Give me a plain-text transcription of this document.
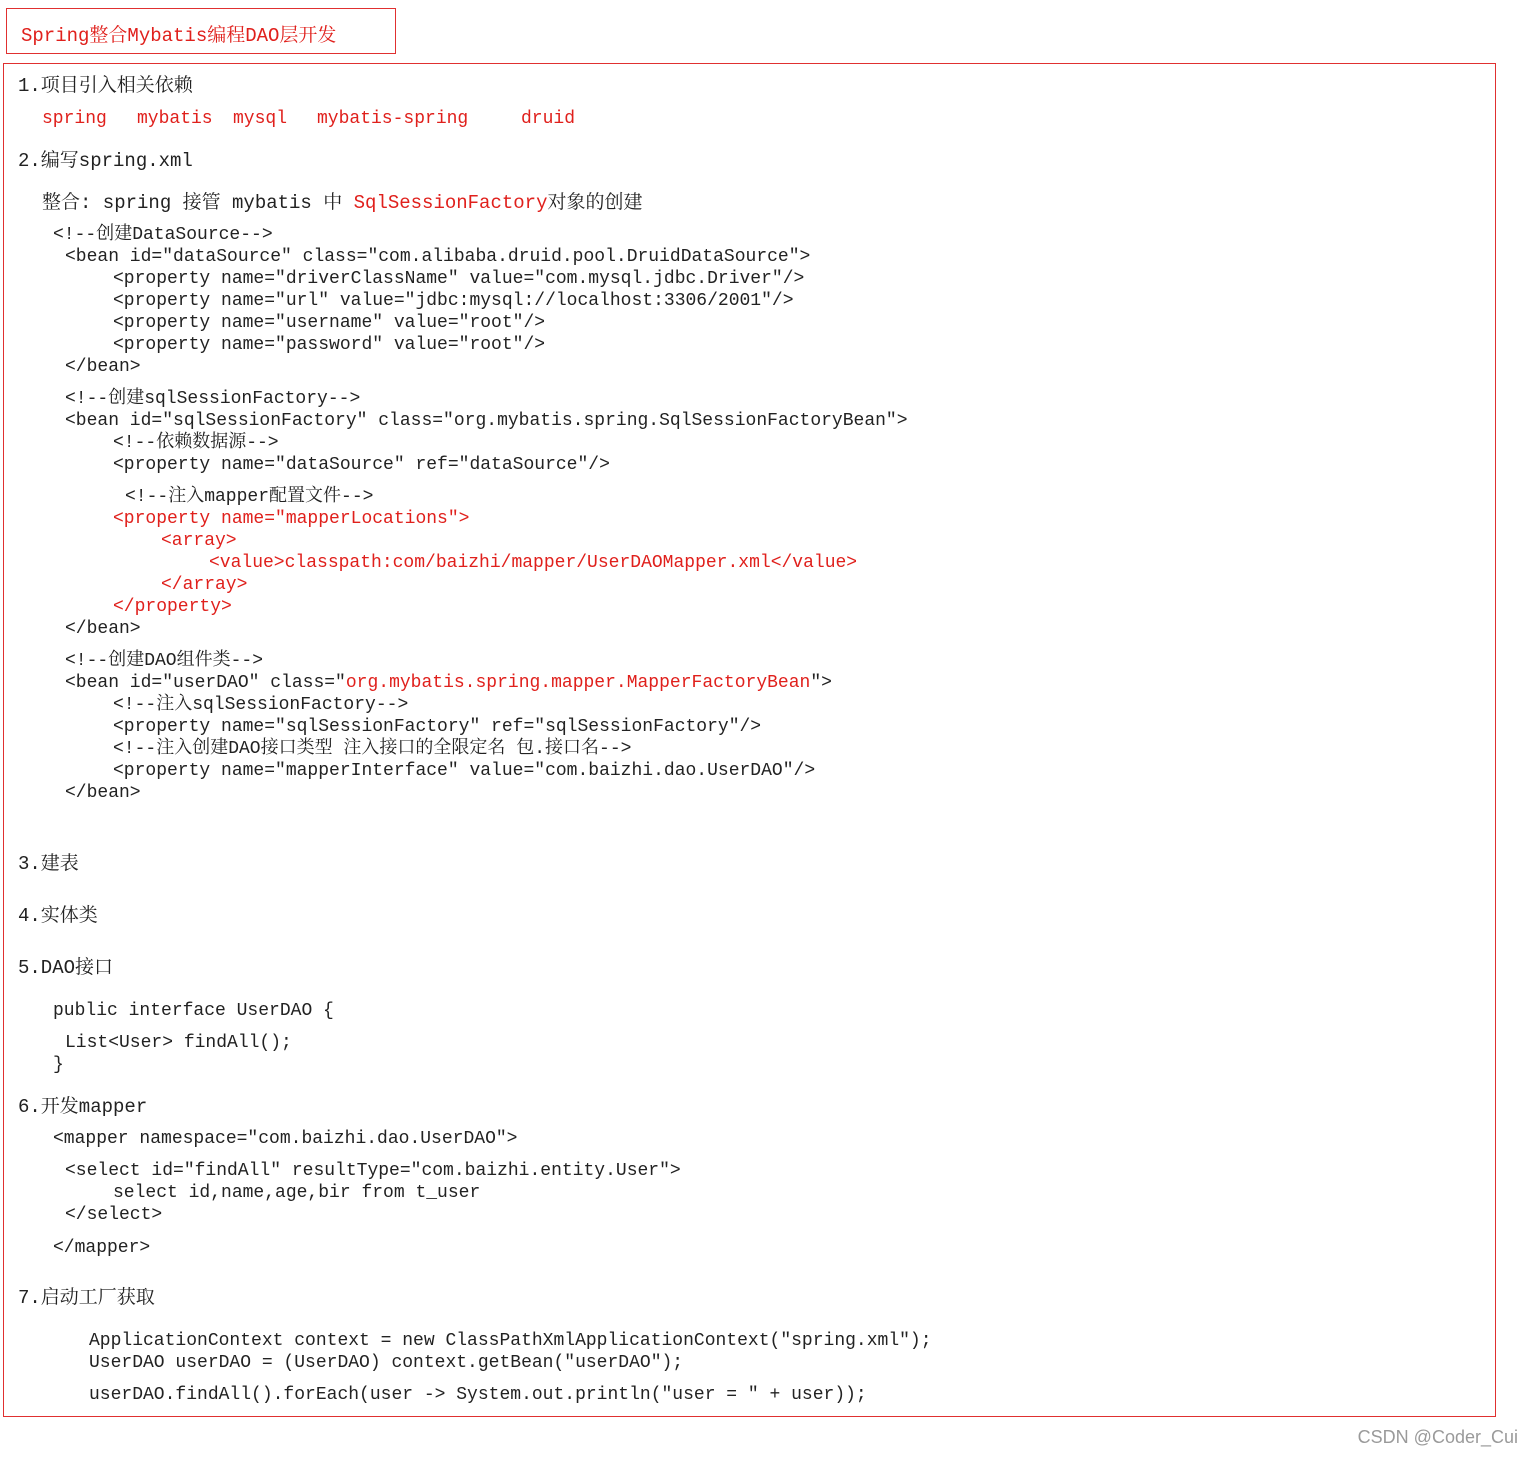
Spring整合Mybatis编程DAO层开发
1.项目引入相关依赖
spring mybatis mysql mybatis-spring	druid
2.编写spring.xml
整合: spring 接管 mybatis 中 SqlSessionFactory对象的创建
<!--创建DataSource-->
<bean id="dataSource" class="com.alibaba.druid.pool.DruidDataSource">
<property name="driverClassName" value="com.mysql.jdbc.Driver"/>
<property name="url" value="jdbc:mysql://localhost:3306/2001"/>
<property name="username" value="root"/>
<property name="password" value="root"/>
</bean>
<!--创建sqlSessionFactory-->
<bean id="sqlSessionFactory" class="org.mybatis.spring.SqlSessionFactoryBean">
<!--依赖数据源-->
<property name="dataSource" ref="dataSource"/>
<!--注入mapper配置文件-->
<property name="mapperLocations">
<array>
<value>classpath:com/baizhi/mapper/UserDAOMapper.xml</value>
</array>
</property>
</bean>
<!--创建DAO组件类-->
<bean id="userDAO" class="org.mybatis.spring.mapper.MapperFactoryBean">
<!--注入sqlSessionFactory-->
<property name="sqlSessionFactory" ref="sqlSessionFactory"/>
<!--注入创建DAO接口类型 注入接口的全限定名 包.接口名-->
<property name="mapperInterface" value="com.baizhi.dao.UserDAO"/>
</bean>
3.建表
4.实体类
5.DAO接口
public interface UserDAO {
List<User> findAll();
}
6.开发mapper
<mapper namespace="com.baizhi.dao.UserDAO">
<select id="findAll" resultType="com.baizhi.entity.User">
select id,name,age,bir from t_user
</select>
</mapper>
7.启动工厂获取
ApplicationContext context = new ClassPathXmlApplicationContext("spring.xml");
UserDAO userDAO = (UserDAO) context.getBean("userDAO");
userDAO.findAll().forEach(user -> System.out.println("user = " + user));
CSDN @Coder_Cui
